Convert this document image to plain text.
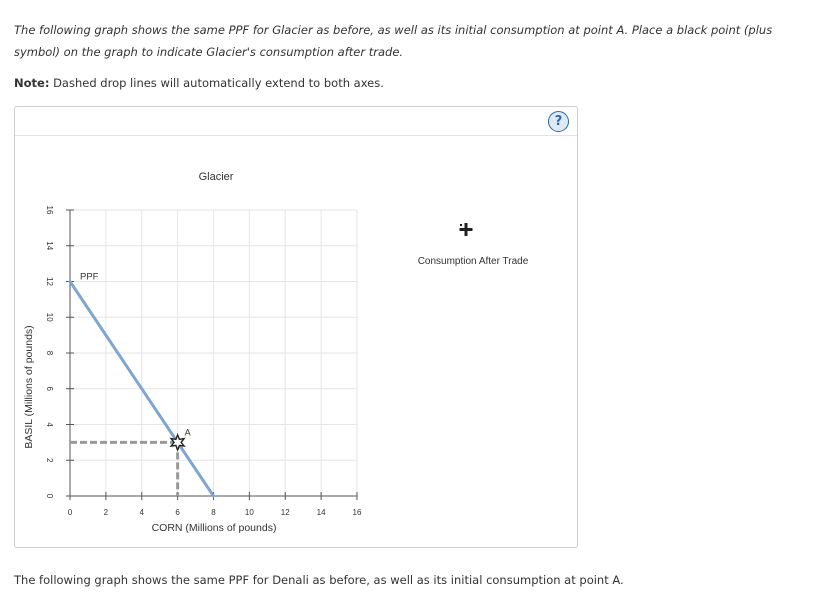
The following graph shows the same PPF for Glacier as before, as well as its initial consumption at point A. Place a black point (plus symbol) on the graph to indicate Glacier's consumption after trade.
Note: Dashed drop lines will automatically extend to both axes.
?
Glacier
0	2	4	6	8	10	12	14	16
0
2
4
6
8
10
12
14
16
PPF
A
CORN (Millions of pounds)
BASIL (Millions of pounds)
Consumption After Trade
The following graph shows the same PPF for Denali as before, as well as its initial consumption at point A.
